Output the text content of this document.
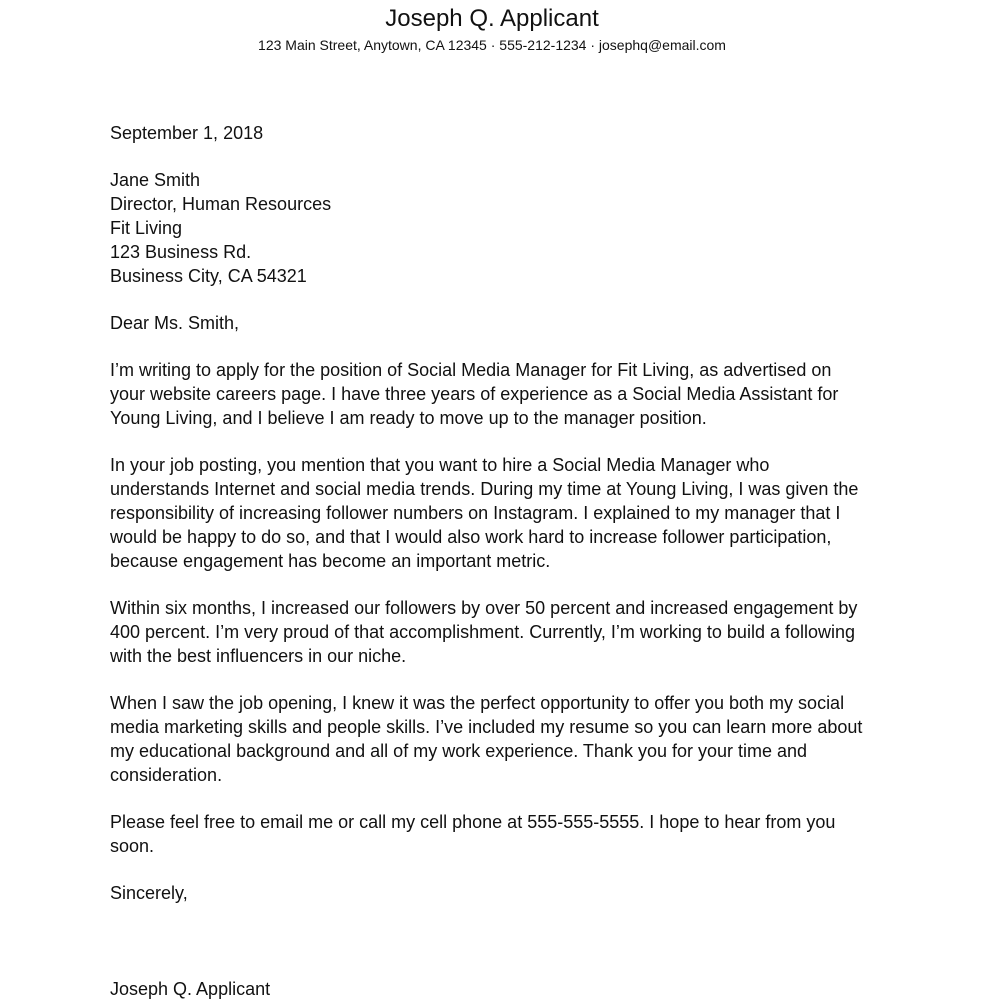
Joseph Q. Applicant
123 Main Street, Anytown, CA 12345 · 555-212-1234 · josephq@email.com
September 1, 2018
Jane Smith
Director, Human Resources
Fit Living
123 Business Rd.
Business City, CA 54321
Dear Ms. Smith,
I’m writing to apply for the position of Social Media Manager for Fit Living, as advertised on
your website careers page. I have three years of experience as a Social Media Assistant for
Young Living, and I believe I am ready to move up to the manager position.
In your job posting, you mention that you want to hire a Social Media Manager who
understands Internet and social media trends. During my time at Young Living, I was given the
responsibility of increasing follower numbers on Instagram. I explained to my manager that I
would be happy to do so, and that I would also work hard to increase follower participation,
because engagement has become an important metric.
Within six months, I increased our followers by over 50 percent and increased engagement by
400 percent. I’m very proud of that accomplishment. Currently, I’m working to build a following
with the best influencers in our niche.
When I saw the job opening, I knew it was the perfect opportunity to offer you both my social
media marketing skills and people skills. I’ve included my resume so you can learn more about
my educational background and all of my work experience. Thank you for your time and
consideration.
Please feel free to email me or call my cell phone at 555-555-5555. I hope to hear from you
soon.
Sincerely,
Joseph Q. Applicant
